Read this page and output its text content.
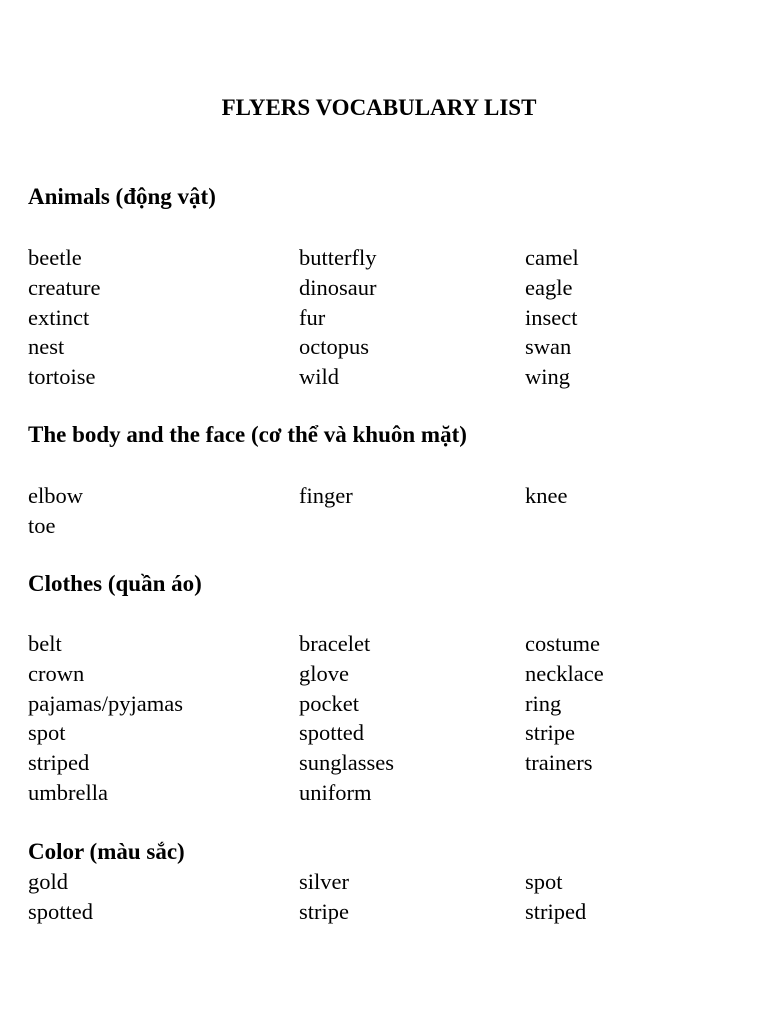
FLYERS VOCABULARY LIST
Animals (động vật)
beetle	butterfly	camel
creature	dinosaur	eagle
extinct	fur	insect
nest	octopus	swan
tortoise	wild	wing
The body and the face (cơ thể và khuôn mặt)
elbow	finger	knee
toe
Clothes (quần áo)
belt	bracelet	costume
crown	glove	necklace
pajamas/pyjamas	pocket	ring
spot	spotted	stripe
striped	sunglasses	trainers
umbrella	uniform
Color (màu sắc)
gold	silver	spot
spotted	stripe	striped
